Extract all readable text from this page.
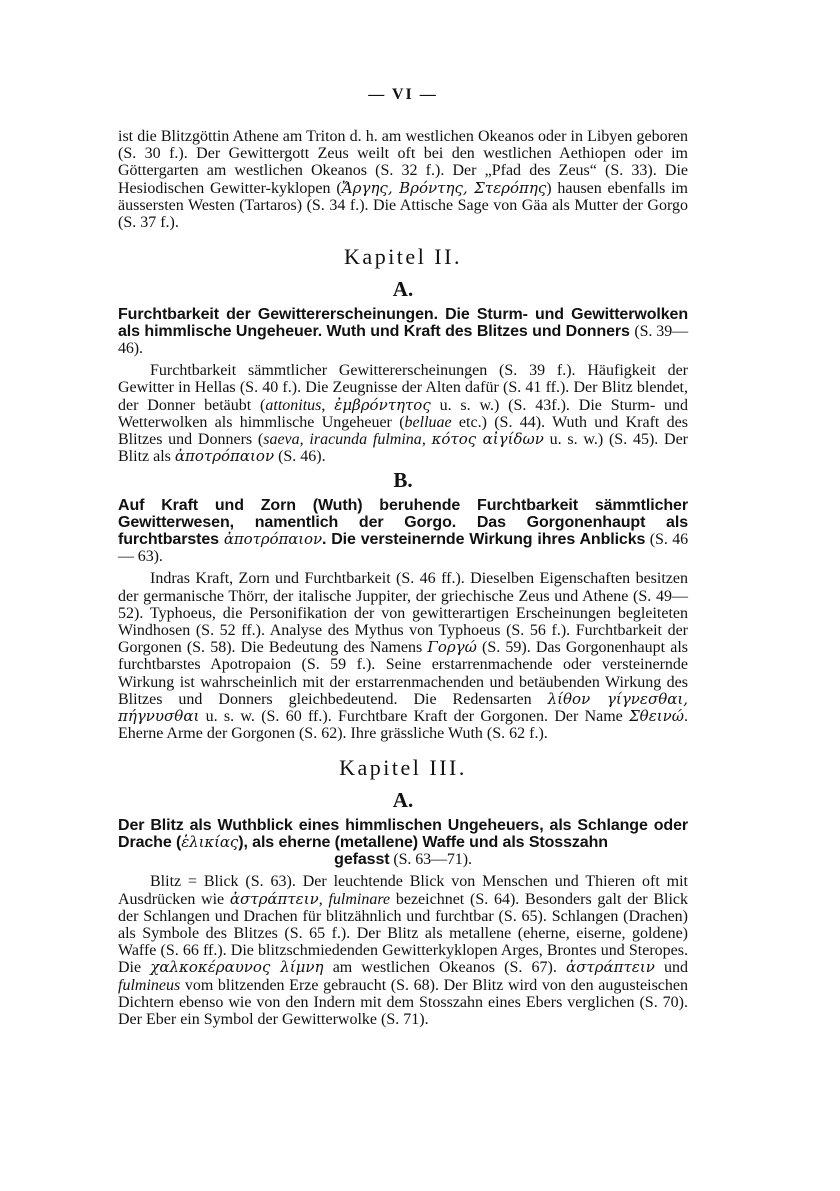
— VI —

ist die Blitzgöttin Athene am Triton d. h. am westlichen Okeanos oder in Libyen geboren (S. 30 f.). Der Gewittergott Zeus weilt oft bei den westlichen Aethiopen oder im Göttergarten am westlichen Okeanos (S. 32 f.). Der „Pfad des Zeus“ (S. 33). Die Hesiodischen Gewitter-kyklopen (Ἄργης, Βρόντης, Στερόπης) hausen ebenfalls im äussersten Westen (Tartaros) (S. 34 f.). Die Attische Sage von Gäa als Mutter der Gorgo (S. 37 f.).

Kapitel II.
A.
Furchtbarkeit der Gewittererscheinungen. Die Sturm- und Gewitterwolken als himmlische Ungeheuer. Wuth und Kraft des Blitzes und Donners (S. 39—46).

Furchtbarkeit sämmtlicher Gewittererscheinungen (S. 39 f.). Häufigkeit der Gewitter in Hellas (S. 40 f.). Die Zeugnisse der Alten dafür (S. 41 ff.). Der Blitz blendet, der Donner betäubt (attonitus, ἐμβρόντητος u. s. w.) (S. 43f.). Die Sturm- und Wetterwolken als himmlische Ungeheuer (belluae etc.) (S. 44). Wuth und Kraft des Blitzes und Donners (saeva, iracunda fulmina, κότος αἰγίδων u. s. w.) (S. 45). Der Blitz als ἀποτρόπαιον (S. 46).

B.
Auf Kraft und Zorn (Wuth) beruhende Furchtbarkeit sämmtlicher Gewitterwesen, namentlich der Gorgo. Das Gorgonenhaupt als furchtbarstes ἀποτρόπαιον. Die versteinernde Wirkung ihres Anblicks (S. 46 — 63).

Indras Kraft, Zorn und Furchtbarkeit (S. 46 ff.). Dieselben Eigenschaften besitzen der germanische Thörr, der italische Juppiter, der griechische Zeus und Athene (S. 49—52). Typhoeus, die Personifikation der von gewitterartigen Erscheinungen begleiteten Windhosen (S. 52 ff.). Analyse des Mythus von Typhoeus (S. 56 f.). Furchtbarkeit der Gorgonen (S. 58). Die Bedeutung des Namens Γοργώ (S. 59). Das Gorgonenhaupt als furchtbarstes Apotropaion (S. 59 f.). Seine erstarrenmachende oder versteinernde Wirkung ist wahrscheinlich mit der erstarrenmachenden und betäubenden Wirkung des Blitzes und Donners gleichbedeutend. Die Redensarten λίθον γίγνεσθαι, πήγνυσθαι u. s. w. (S. 60 ff.). Furchtbare Kraft der Gorgonen. Der Name Σθεινώ. Eherne Arme der Gorgonen (S. 62). Ihre grässliche Wuth (S. 62 f.).

Kapitel III.
A.
Der Blitz als Wuthblick eines himmlischen Ungeheuers, als Schlange oder Drache (ἑλικίας), als eherne (metallene) Waffe und als Stosszahn
gefasst (S. 63—71).

Blitz = Blick (S. 63). Der leuchtende Blick von Menschen und Thieren oft mit Ausdrücken wie ἀστράπτειν, fulminare bezeichnet (S. 64). Besonders galt der Blick der Schlangen und Drachen für blitzähnlich und furchtbar (S. 65). Schlangen (Drachen) als Symbole des Blitzes (S. 65 f.). Der Blitz als metallene (eherne, eiserne, goldene) Waffe (S. 66 ff.). Die blitzschmiedenden Gewitterkyklopen Arges, Brontes und Steropes. Die χαλκοκέραυνος λίμνη am westlichen Okeanos (S. 67). ἀστράπτειν und fulmineus vom blitzenden Erze gebraucht (S. 68). Der Blitz wird von den augusteischen Dichtern ebenso wie von den Indern mit dem Stosszahn eines Ebers verglichen (S. 70). Der Eber ein Symbol der Gewitterwolke (S. 71).
